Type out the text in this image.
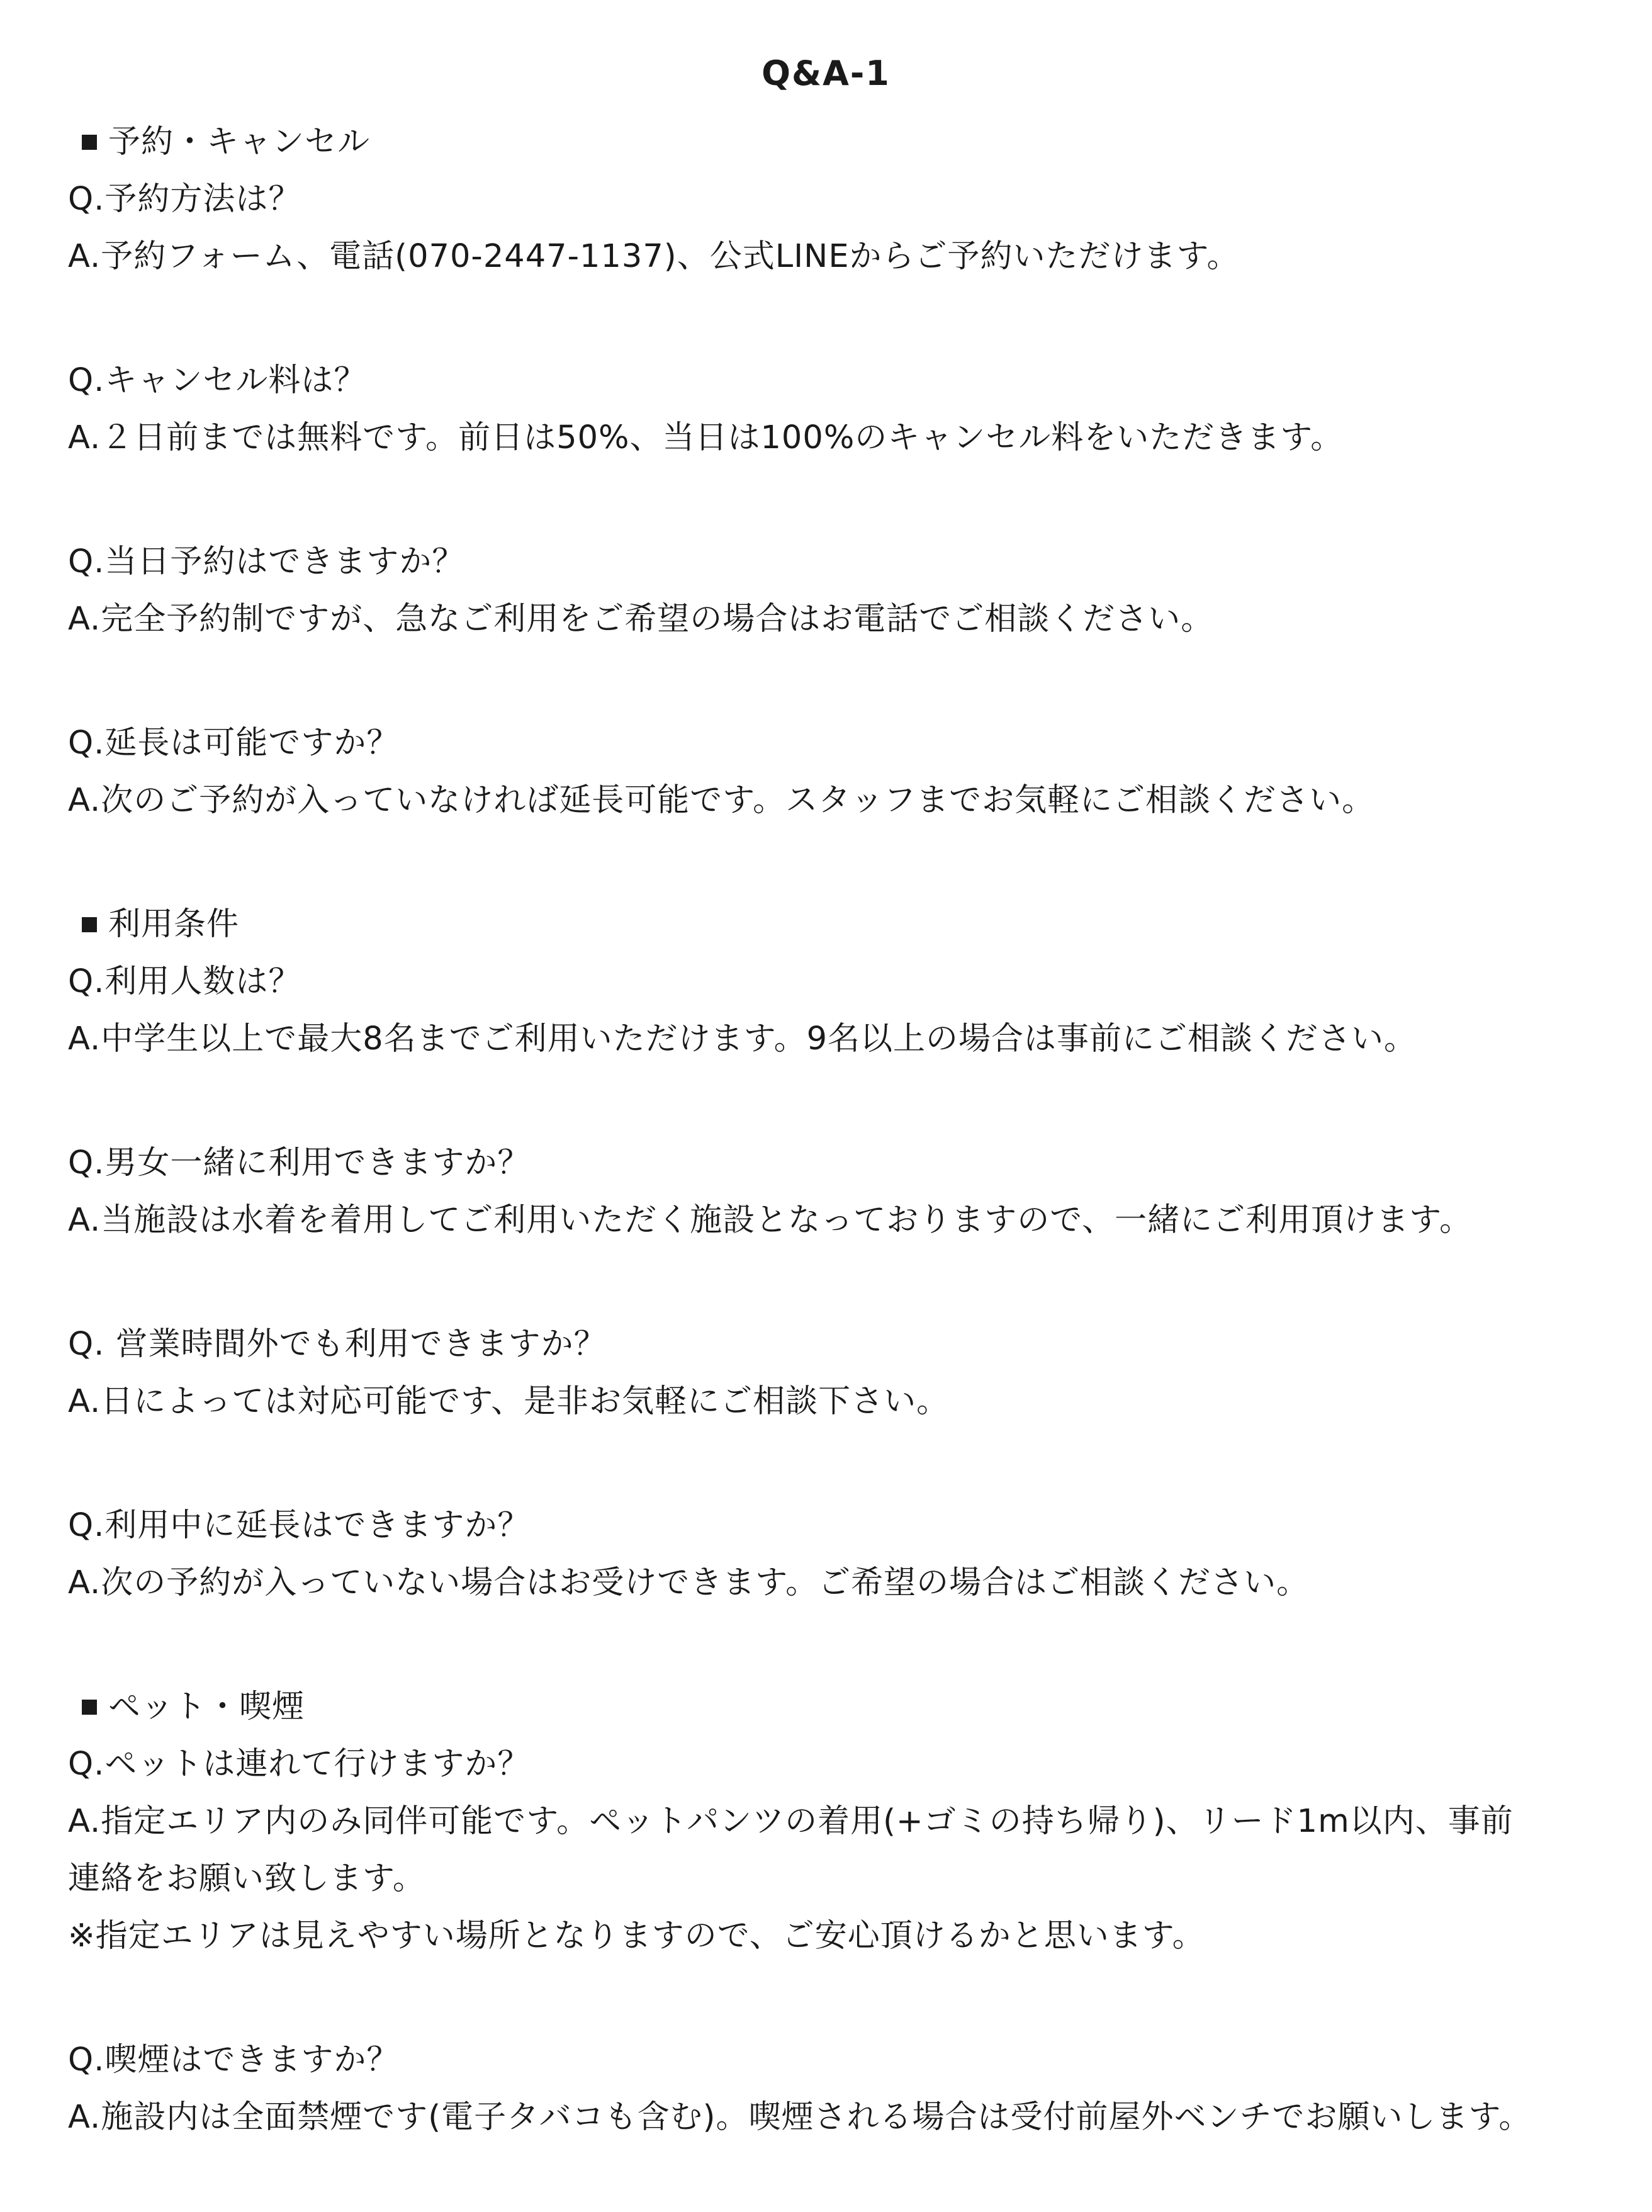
Q&A-1
予約・キャンセル
Q.予約方法は？
A.予約フォーム、電話(070-2447-1137)、公式LINEからご予約いただけます。
Q.キャンセル料は？
A.２日前までは無料です。前日は50%、当日は100%のキャンセル料をいただきます。
Q.当日予約はできますか？
A.完全予約制ですが、急なご利用をご希望の場合はお電話でご相談ください。
Q.延長は可能ですか？
A.次のご予約が入っていなければ延長可能です。スタッフまでお気軽にご相談ください。
利用条件
Q.利用人数は？
A.中学生以上で最大8名までご利用いただけます。9名以上の場合は事前にご相談ください。
Q.男女一緒に利用できますか？
A.当施設は水着を着用してご利用いただく施設となっておりますので、一緒にご利用頂けます。
Q. 営業時間外でも利用できますか？
A.日によっては対応可能です、是非お気軽にご相談下さい。
Q.利用中に延長はできますか？
A.次の予約が入っていない場合はお受けできます。ご希望の場合はご相談ください。
ペット・喫煙
Q.ペットは連れて行けますか？
A.指定エリア内のみ同伴可能です。ペットパンツの着用(+ゴミの持ち帰り)、リード1m以内、事前
連絡をお願い致します。
※指定エリアは見えやすい場所となりますので、ご安心頂けるかと思います。
Q.喫煙はできますか？
A.施設内は全面禁煙です(電子タバコも含む)。喫煙される場合は受付前屋外ベンチでお願いします。
